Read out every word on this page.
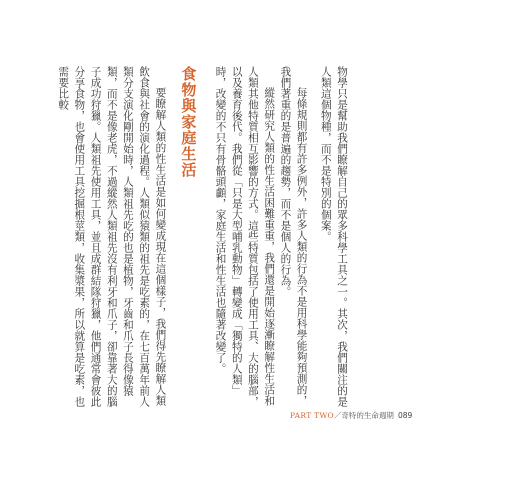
物學只是幫助我們瞭解自己的眾多科學工具之一。其次，我們關注的是人類這個物種，而不是特別的個案。

每條規則都有許多例外，許多人類的行為不是用科學能夠預測的，我們著重的是普遍的趨勢，而不是個人的行為。

縱然研究人類的性生活困難重重，我們還是開始逐漸瞭解性生活和人類其他特質相互影響的方式。這些特質包括了使用工具、大的腦部，以及養育後代。我們從「只是大型哺乳動物」轉變成「獨特的人類」時，改變的不只有骨骼頭顱，家庭生活和性生活也隨著改變了。

食物與家庭生活

要瞭解人類的性生活是如何變成現在這個樣子，我們得先瞭解人類飲食與社會的演化過程。人類似猿類的祖先是吃素的，在七百萬年前人類分支演化剛開始時，人類祖先吃的也是植物，牙齒和爪子長得像猿類，而不是像老虎，不過縱然人類祖先沒有利牙和爪子，卻靠著大的腦子成功狩獵。人類祖先使用工具，並且成群結隊狩獵，他們通常會彼此分享食物，也會使用工具挖掘根莖類，收集漿果，所以就算是吃素，也需要比較

PART TWO／奇特的生命週期 089
